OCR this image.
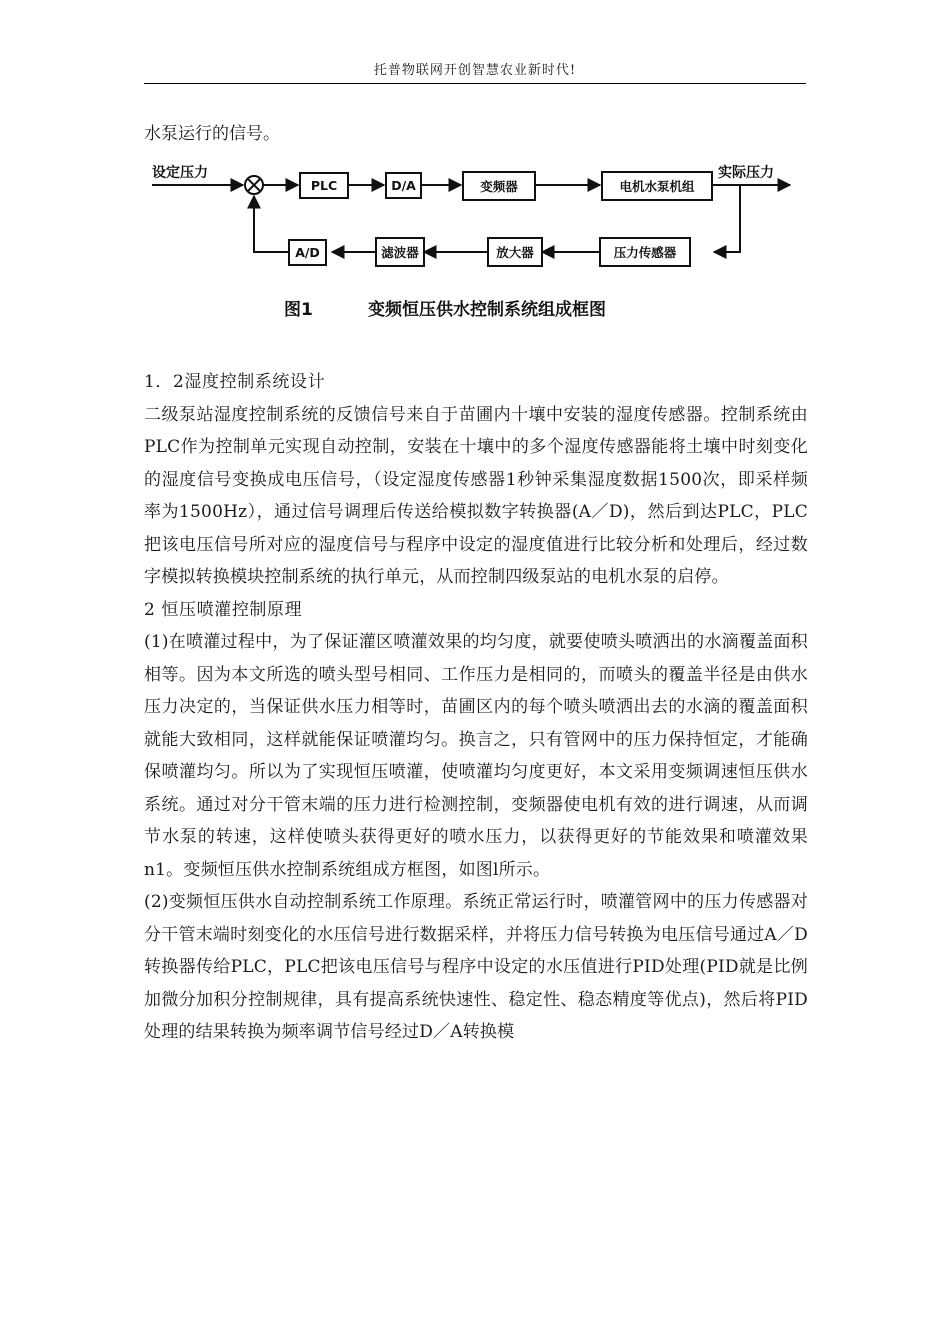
托普物联网开创智慧农业新时代!

水泵运行的信号。

设定压力	实际压力
PLC	D/A	变频器	电机水泵机组
A/D	滤波器	放大器	压力传感器
图1	变频恒压供水控制系统组成框图

1．2湿度控制系统设计

二级泵站湿度控制系统的反馈信号来自于苗圃内十壤中安装的湿度传感器。控制系统由PLC作为控制单元实现自动控制，安装在十壤中的多个湿度传感器能将土壤中时刻变化的湿度信号变换成电压信号，（设定湿度传感器1秒钟采集湿度数据1500次，即采样频率为1500Hz），通过信号调理后传送给模拟数字转换器(A／D)，然后到达PLC，PLC把该电压信号所对应的湿度信号与程序中设定的湿度值进行比较分析和处理后，经过数字模拟转换模块控制系统的执行单元，从而控制四级泵站的电机水泵的启停。

2 恒压喷灌控制原理

(1)在喷灌过程中，为了保证灌区喷灌效果的均匀度，就要使喷头喷洒出的水滴覆盖面积相等。因为本文所选的喷头型号相同、工作压力是相同的，而喷头的覆盖半径是由供水压力决定的，当保证供水压力相等时，苗圃区内的每个喷头喷洒出去的水滴的覆盖面积就能大致相同，这样就能保证喷灌均匀。换言之，只有管网中的压力保持恒定，才能确保喷灌均匀。所以为了实现恒压喷灌，使喷灌均匀度更好，本文采用变频调速恒压供水系统。通过对分干管末端的压力进行检测控制，变频器使电机有效的进行调速，从而调节水泵的转速，这样使喷头获得更好的喷水压力，以获得更好的节能效果和喷灌效果n1。变频恒压供水控制系统组成方框图，如图l所示。

(2)变频恒压供水自动控制系统工作原理。系统正常运行时，喷灌管网中的压力传感器对分干管末端时刻变化的水压信号进行数据采样，并将压力信号转换为电压信号通过A／D转换器传给PLC，PLC把该电压信号与程序中设定的水压值进行PID处理(PID就是比例加微分加积分控制规律，具有提高系统快速性、稳定性、稳态精度等优点)，然后将PID处理的结果转换为频率调节信号经过D／A转换模
